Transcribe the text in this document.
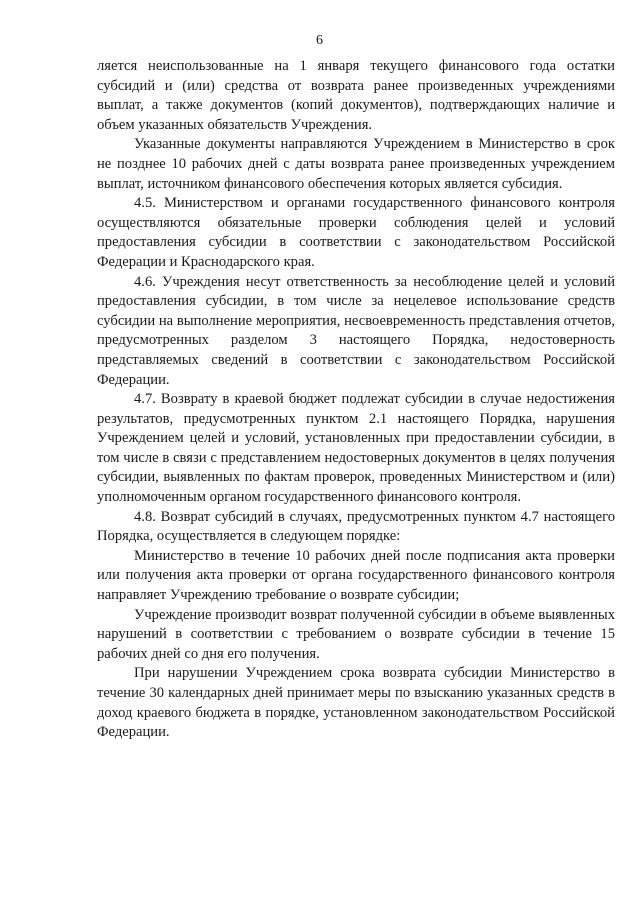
6

ляется неиспользованные на 1 января текущего финансового года остатки субсидий и (или) средства от возврата ранее произведенных учреждениями выплат, а также документов (копий документов), подтверждающих наличие и объем указанных обязательств Учреждения.

Указанные документы направляются Учреждением в Министерство в срок не позднее 10 рабочих дней с даты возврата ранее произведенных учреждением выплат, источником финансового обеспечения которых является субсидия.

4.5. Министерством и органами государственного финансового контроля осуществляются обязательные проверки соблюдения целей и условий предоставления субсидии в соответствии с законодательством Российской Федерации и Краснодарского края.

4.6. Учреждения несут ответственность за несоблюдение целей и условий предоставления субсидии, в том числе за нецелевое использование средств субсидии на выполнение мероприятия, несвоевременность представления отчетов, предусмотренных разделом 3 настоящего Порядка, недостоверность представляемых сведений в соответствии с законодательством Российской Федерации.

4.7. Возврату в краевой бюджет подлежат субсидии в случае недостижения результатов, предусмотренных пунктом 2.1 настоящего Порядка, нарушения Учреждением целей и условий, установленных при предоставлении субсидии, в том числе в связи с представлением недостоверных документов в целях получения субсидии, выявленных по фактам проверок, проведенных Министерством и (или) уполномоченным органом государственного финансового контроля.

4.8. Возврат субсидий в случаях, предусмотренных пунктом 4.7 настоящего Порядка, осуществляется в следующем порядке:

Министерство в течение 10 рабочих дней после подписания акта проверки или получения акта проверки от органа государственного финансового контроля направляет Учреждению требование о возврате субсидии;

Учреждение производит возврат полученной субсидии в объеме выявленных нарушений в соответствии с требованием о возврате субсидии в течение 15 рабочих дней со дня его получения.

При нарушении Учреждением срока возврата субсидии Министерство в течение 30 календарных дней принимает меры по взысканию указанных средств в доход краевого бюджета в порядке, установленном законодательством Российской Федерации.
